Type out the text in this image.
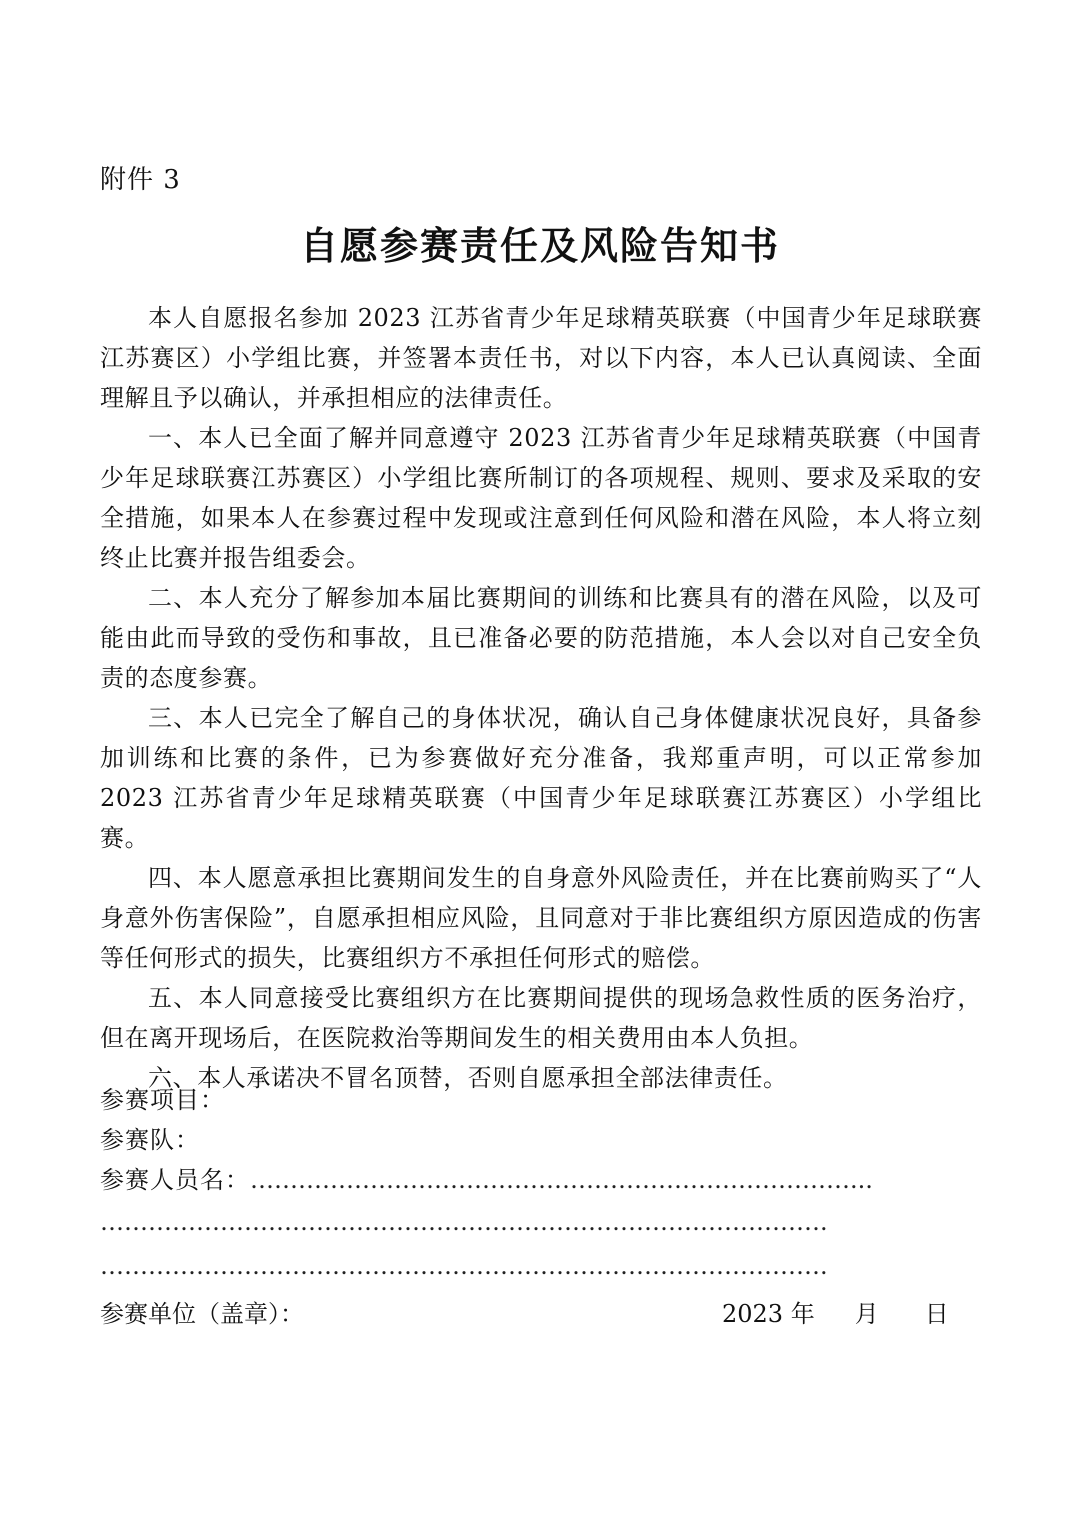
附件 3
自愿参赛责任及风险告知书

本人自愿报名参加 2023 江苏省青少年足球精英联赛（中国青少年足球联赛江苏赛区）小学组比赛，并签署本责任书，对以下内容，本人已认真阅读、全面理解且予以确认，并承担相应的法律责任。

一、本人已全面了解并同意遵守 2023 江苏省青少年足球精英联赛（中国青少年足球联赛江苏赛区）小学组比赛所制订的各项规程、规则、要求及采取的安全措施，如果本人在参赛过程中发现或注意到任何风险和潜在风险，本人将立刻终止比赛并报告组委会。

二、本人充分了解参加本届比赛期间的训练和比赛具有的潜在风险，以及可能由此而导致的受伤和事故，且已准备必要的防范措施，本人会以对自己安全负责的态度参赛。

三、本人已完全了解自己的身体状况，确认自己身体健康状况良好，具备参加训练和比赛的条件，已为参赛做好充分准备，我郑重声明，可以正常参加 2023 江苏省青少年足球精英联赛（中国青少年足球联赛江苏赛区）小学组比赛。

四、本人愿意承担比赛期间发生的自身意外风险责任，并在比赛前购买了“人身意外伤害保险”，自愿承担相应风险，且同意对于非比赛组织方原因造成的伤害等任何形式的损失，比赛组织方不承担任何形式的赔偿。

五、本人同意接受比赛组织方在比赛期间提供的现场急救性质的医务治疗，但在离开现场后，在医院救治等期间发生的相关费用由本人负担。

六、本人承诺决不冒名顶替，否则自愿承担全部法律责任。

参赛项目：
参赛队：
参赛人员名：…………………………………………………………………...
……………………………………………………………………………….
……………………………………………………………………………….
参赛单位（盖章）：	2023 年 月 日
